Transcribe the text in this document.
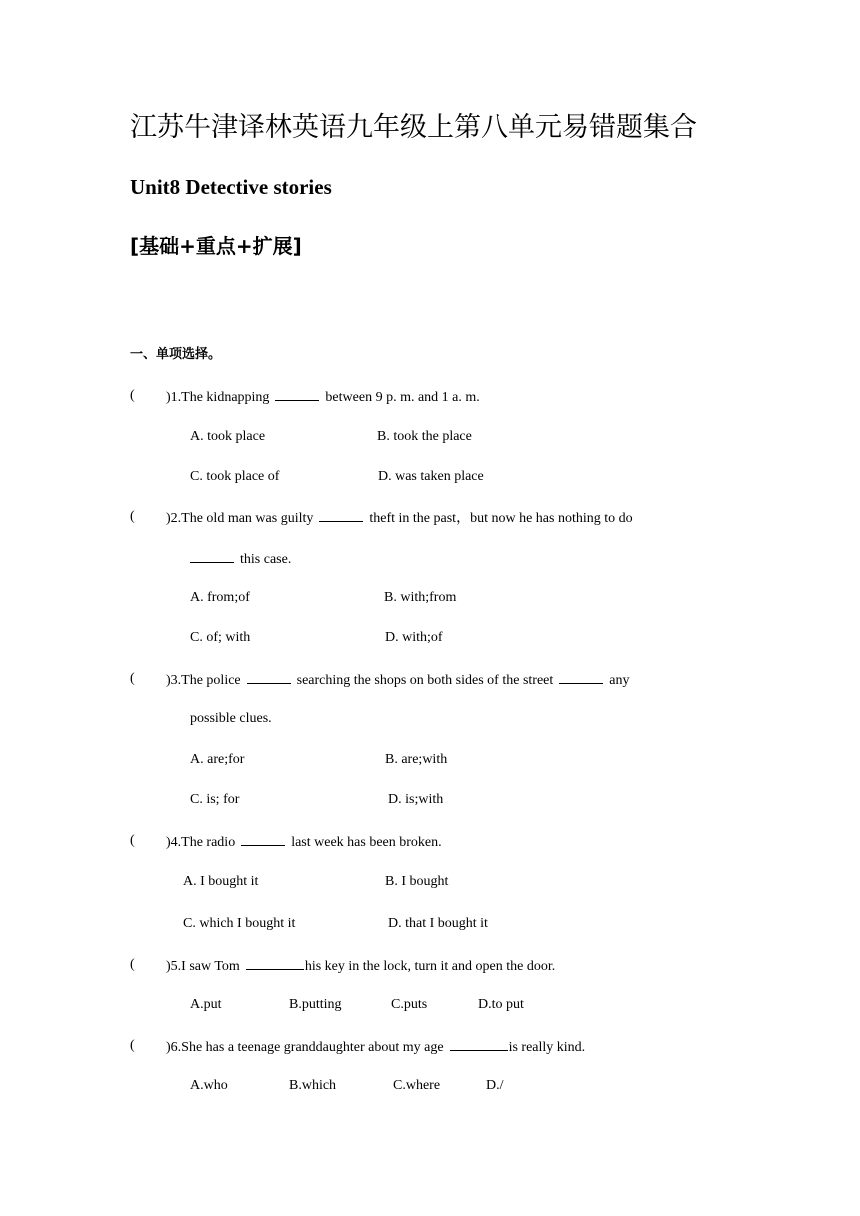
江苏牛津译林英语九年级上第八单元易错题集合
Unit8 Detective stories
[基础+重点+扩展]
一、单项选择。
( )1.The kidnapping	between 9 p. m. and 1 a. m.
A. took place	B. took the place
C. took place of	D. was taken place
( )2.The old man was guilty	theft in the past，but now he has nothing to do
this case.
A. from;of	B. with;from
C. of; with	D. with;of
( )3.The police	searching the shops on both sides of the street	any
possible clues.
A. are;for	B. are;with
C. is; for	D. is;with
( )4.The radio	last week has been broken.
A. I bought it	B. I bought
C. which I bought it	D. that I bought it
( )5.I saw Tom	his key in the lock, turn it and open the door.
A.put	B.putting	C.puts	D.to put
( )6.She has a teenage granddaughter about my age	is really kind.
A.who	B.which	C.where	D./
